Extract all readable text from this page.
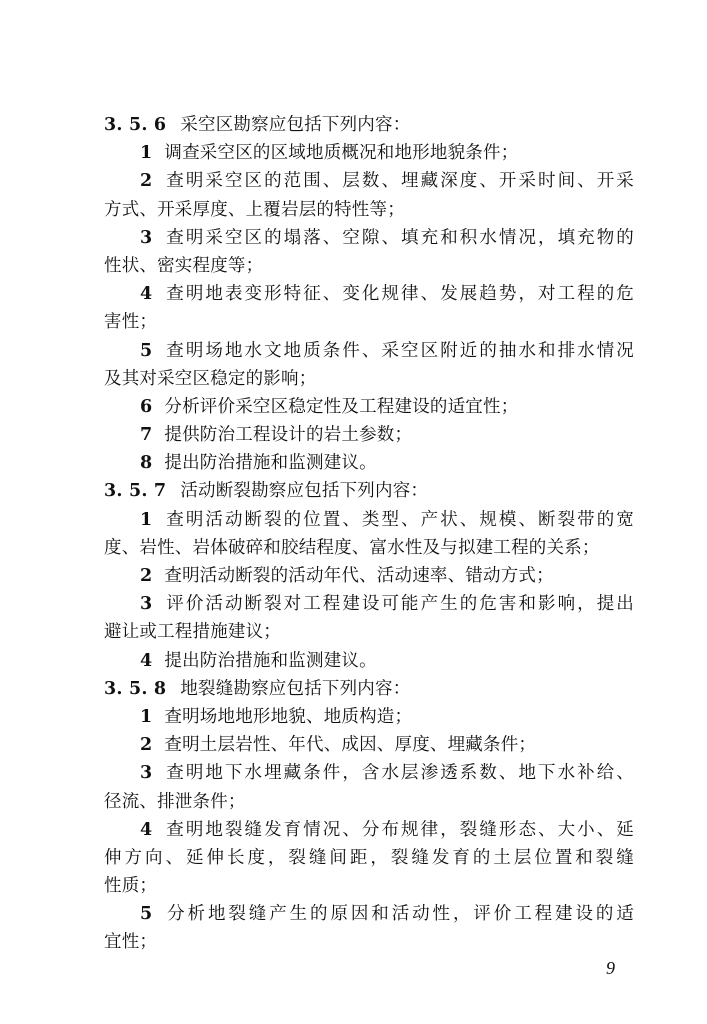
3. 5. 6 采空区勘察应包括下列内容：
1 调查采空区的区域地质概况和地形地貌条件；
2 查明采空区的范围、层数、埋藏深度、开采时间、开采
方式、开采厚度、上覆岩层的特性等；
3 查明采空区的塌落、空隙、填充和积水情况，填充物的
性状、密实程度等；
4 查明地表变形特征、变化规律、发展趋势，对工程的危
害性；
5 查明场地水文地质条件、采空区附近的抽水和排水情况
及其对采空区稳定的影响；
6 分析评价采空区稳定性及工程建设的适宜性；
7 提供防治工程设计的岩土参数；
8 提出防治措施和监测建议。
3. 5. 7 活动断裂勘察应包括下列内容：
1 查明活动断裂的位置、类型、产状、规模、断裂带的宽
度、岩性、岩体破碎和胶结程度、富水性及与拟建工程的关系；
2 查明活动断裂的活动年代、活动速率、错动方式；
3 评价活动断裂对工程建设可能产生的危害和影响，提出
避让或工程措施建议；
4 提出防治措施和监测建议。
3. 5. 8 地裂缝勘察应包括下列内容：
1 查明场地地形地貌、地质构造；
2 查明土层岩性、年代、成因、厚度、埋藏条件；
3 查明地下水埋藏条件，含水层渗透系数、地下水补给、
径流、排泄条件；
4 查明地裂缝发育情况、分布规律，裂缝形态、大小、延
伸方向、延伸长度，裂缝间距，裂缝发育的土层位置和裂缝
性质；
5 分析地裂缝产生的原因和活动性，评价工程建设的适
宜性；
9
